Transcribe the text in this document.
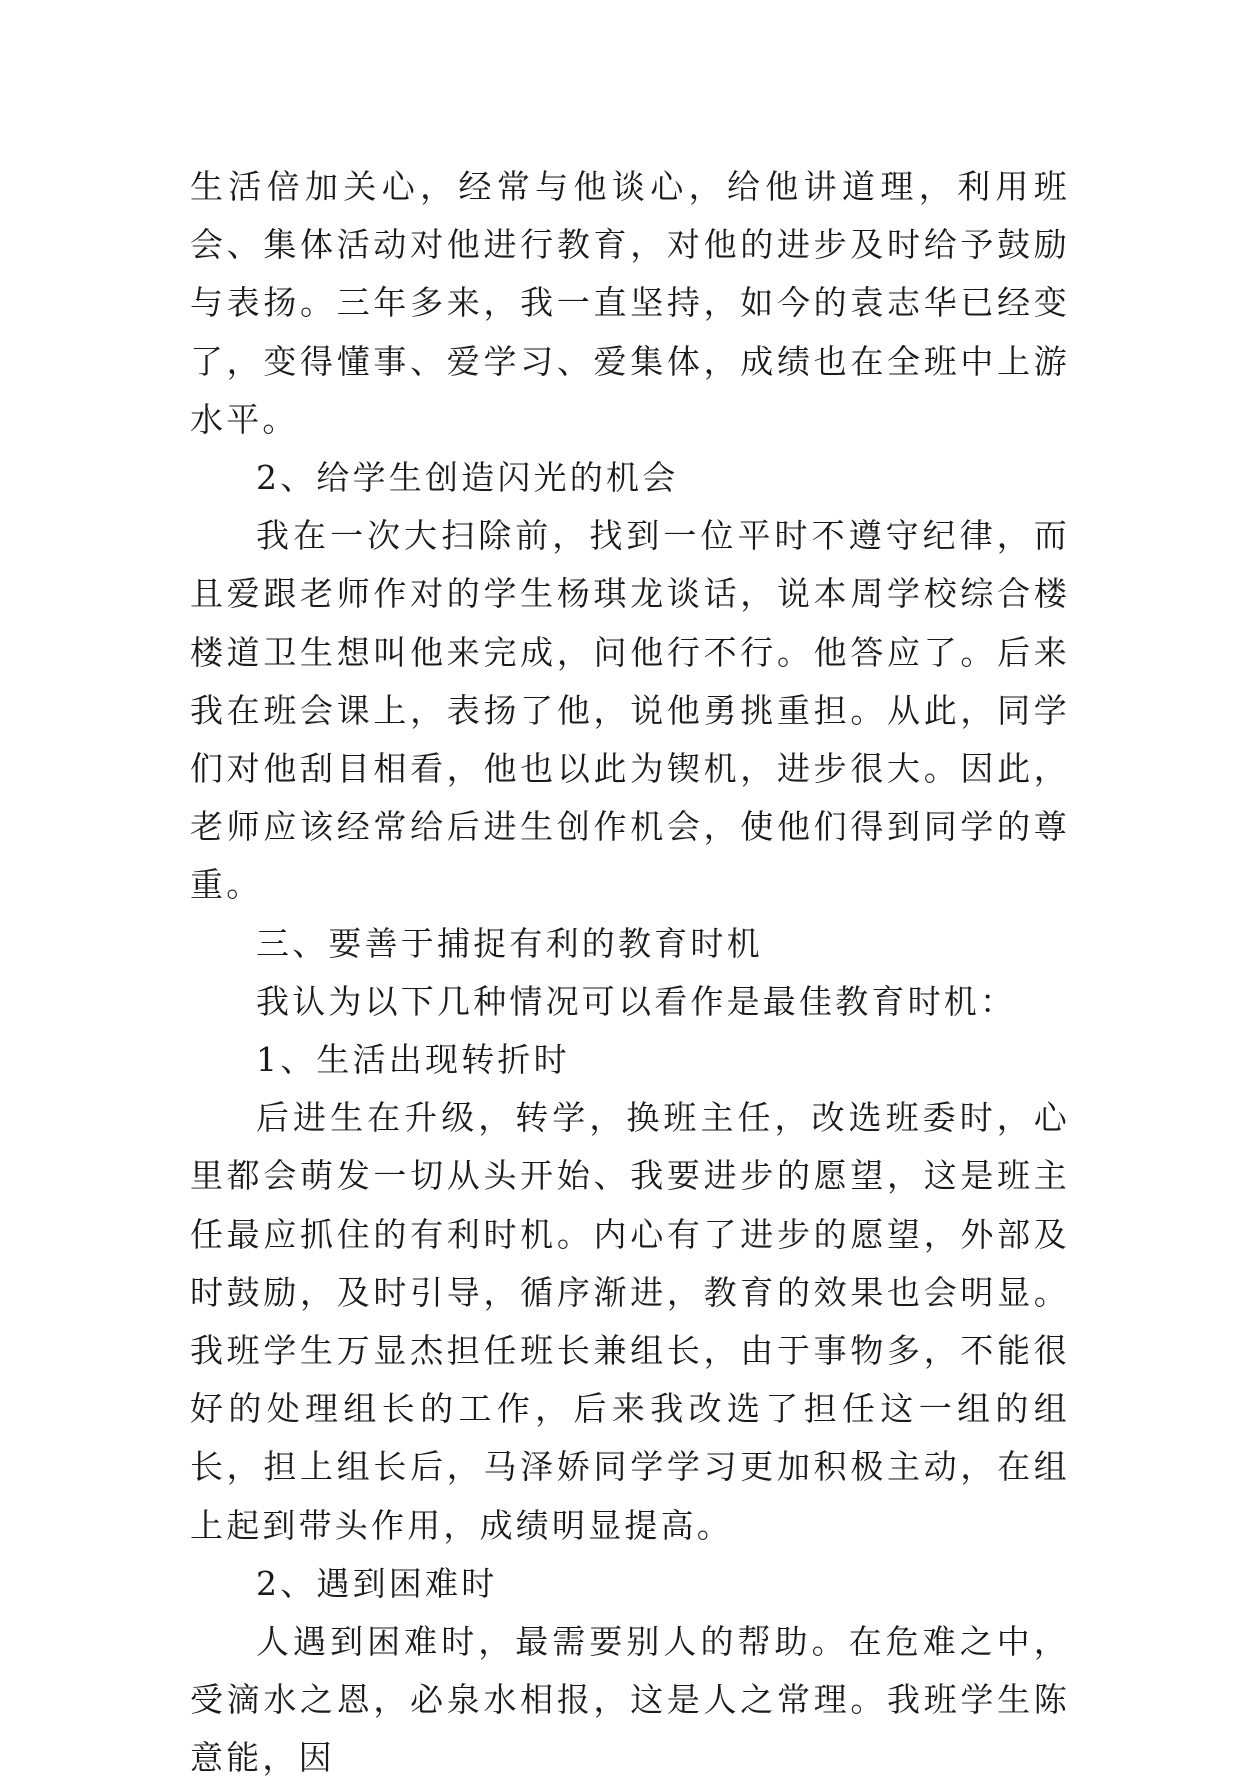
生活倍加关心，经常与他谈心，给他讲道理，利用班会、集体活动对他进行教育，对他的进步及时给予鼓励与表扬。三年多来，我一直坚持，如今的袁志华已经变了，变得懂事、爱学习、爱集体，成绩也在全班中上游水平。

2、给学生创造闪光的机会

我在一次大扫除前，找到一位平时不遵守纪律，而且爱跟老师作对的学生杨琪龙谈话，说本周学校综合楼楼道卫生想叫他来完成，问他行不行。他答应了。后来我在班会课上，表扬了他，说他勇挑重担。从此，同学们对他刮目相看，他也以此为锲机，进步很大。因此，老师应该经常给后进生创作机会，使他们得到同学的尊重。

三、要善于捕捉有利的教育时机

我认为以下几种情况可以看作是最佳教育时机：

1、生活出现转折时

后进生在升级，转学，换班主任，改选班委时，心里都会萌发一切从头开始、我要进步的愿望，这是班主任最应抓住的有利时机。内心有了进步的愿望，外部及时鼓励，及时引导，循序渐进，教育的效果也会明显。我班学生万显杰担任班长兼组长，由于事物多，不能很好的处理组长的工作，后来我改选了担任这一组的组长，担上组长后，马泽娇同学学习更加积极主动，在组上起到带头作用，成绩明显提高。

2、遇到困难时

人遇到困难时，最需要别人的帮助。在危难之中，受滴水之恩，必泉水相报，这是人之常理。我班学生陈意能，因
